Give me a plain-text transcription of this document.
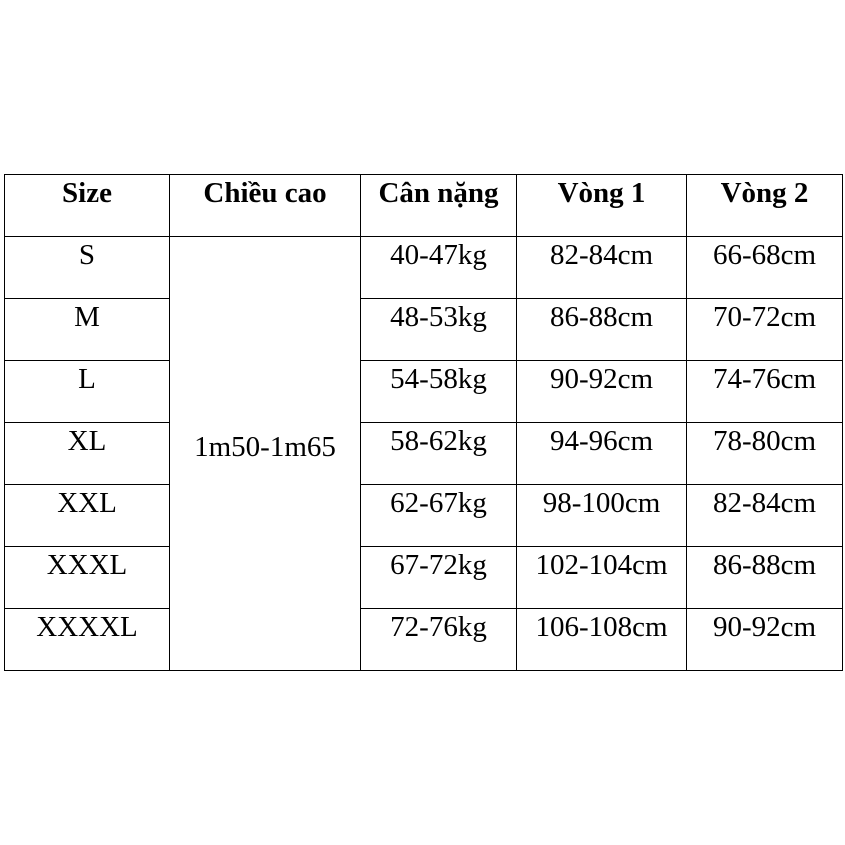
Size	Chiều cao	Cân nặng	Vòng 1	Vòng 2
S	1m50-1m65	40-47kg	82-84cm	66-68cm
M		48-53kg	86-88cm	70-72cm
L		54-58kg	90-92cm	74-76cm
XL		58-62kg	94-96cm	78-80cm
XXL		62-67kg	98-100cm	82-84cm
XXXL		67-72kg	102-104cm	86-88cm
XXXXL		72-76kg	106-108cm	90-92cm
